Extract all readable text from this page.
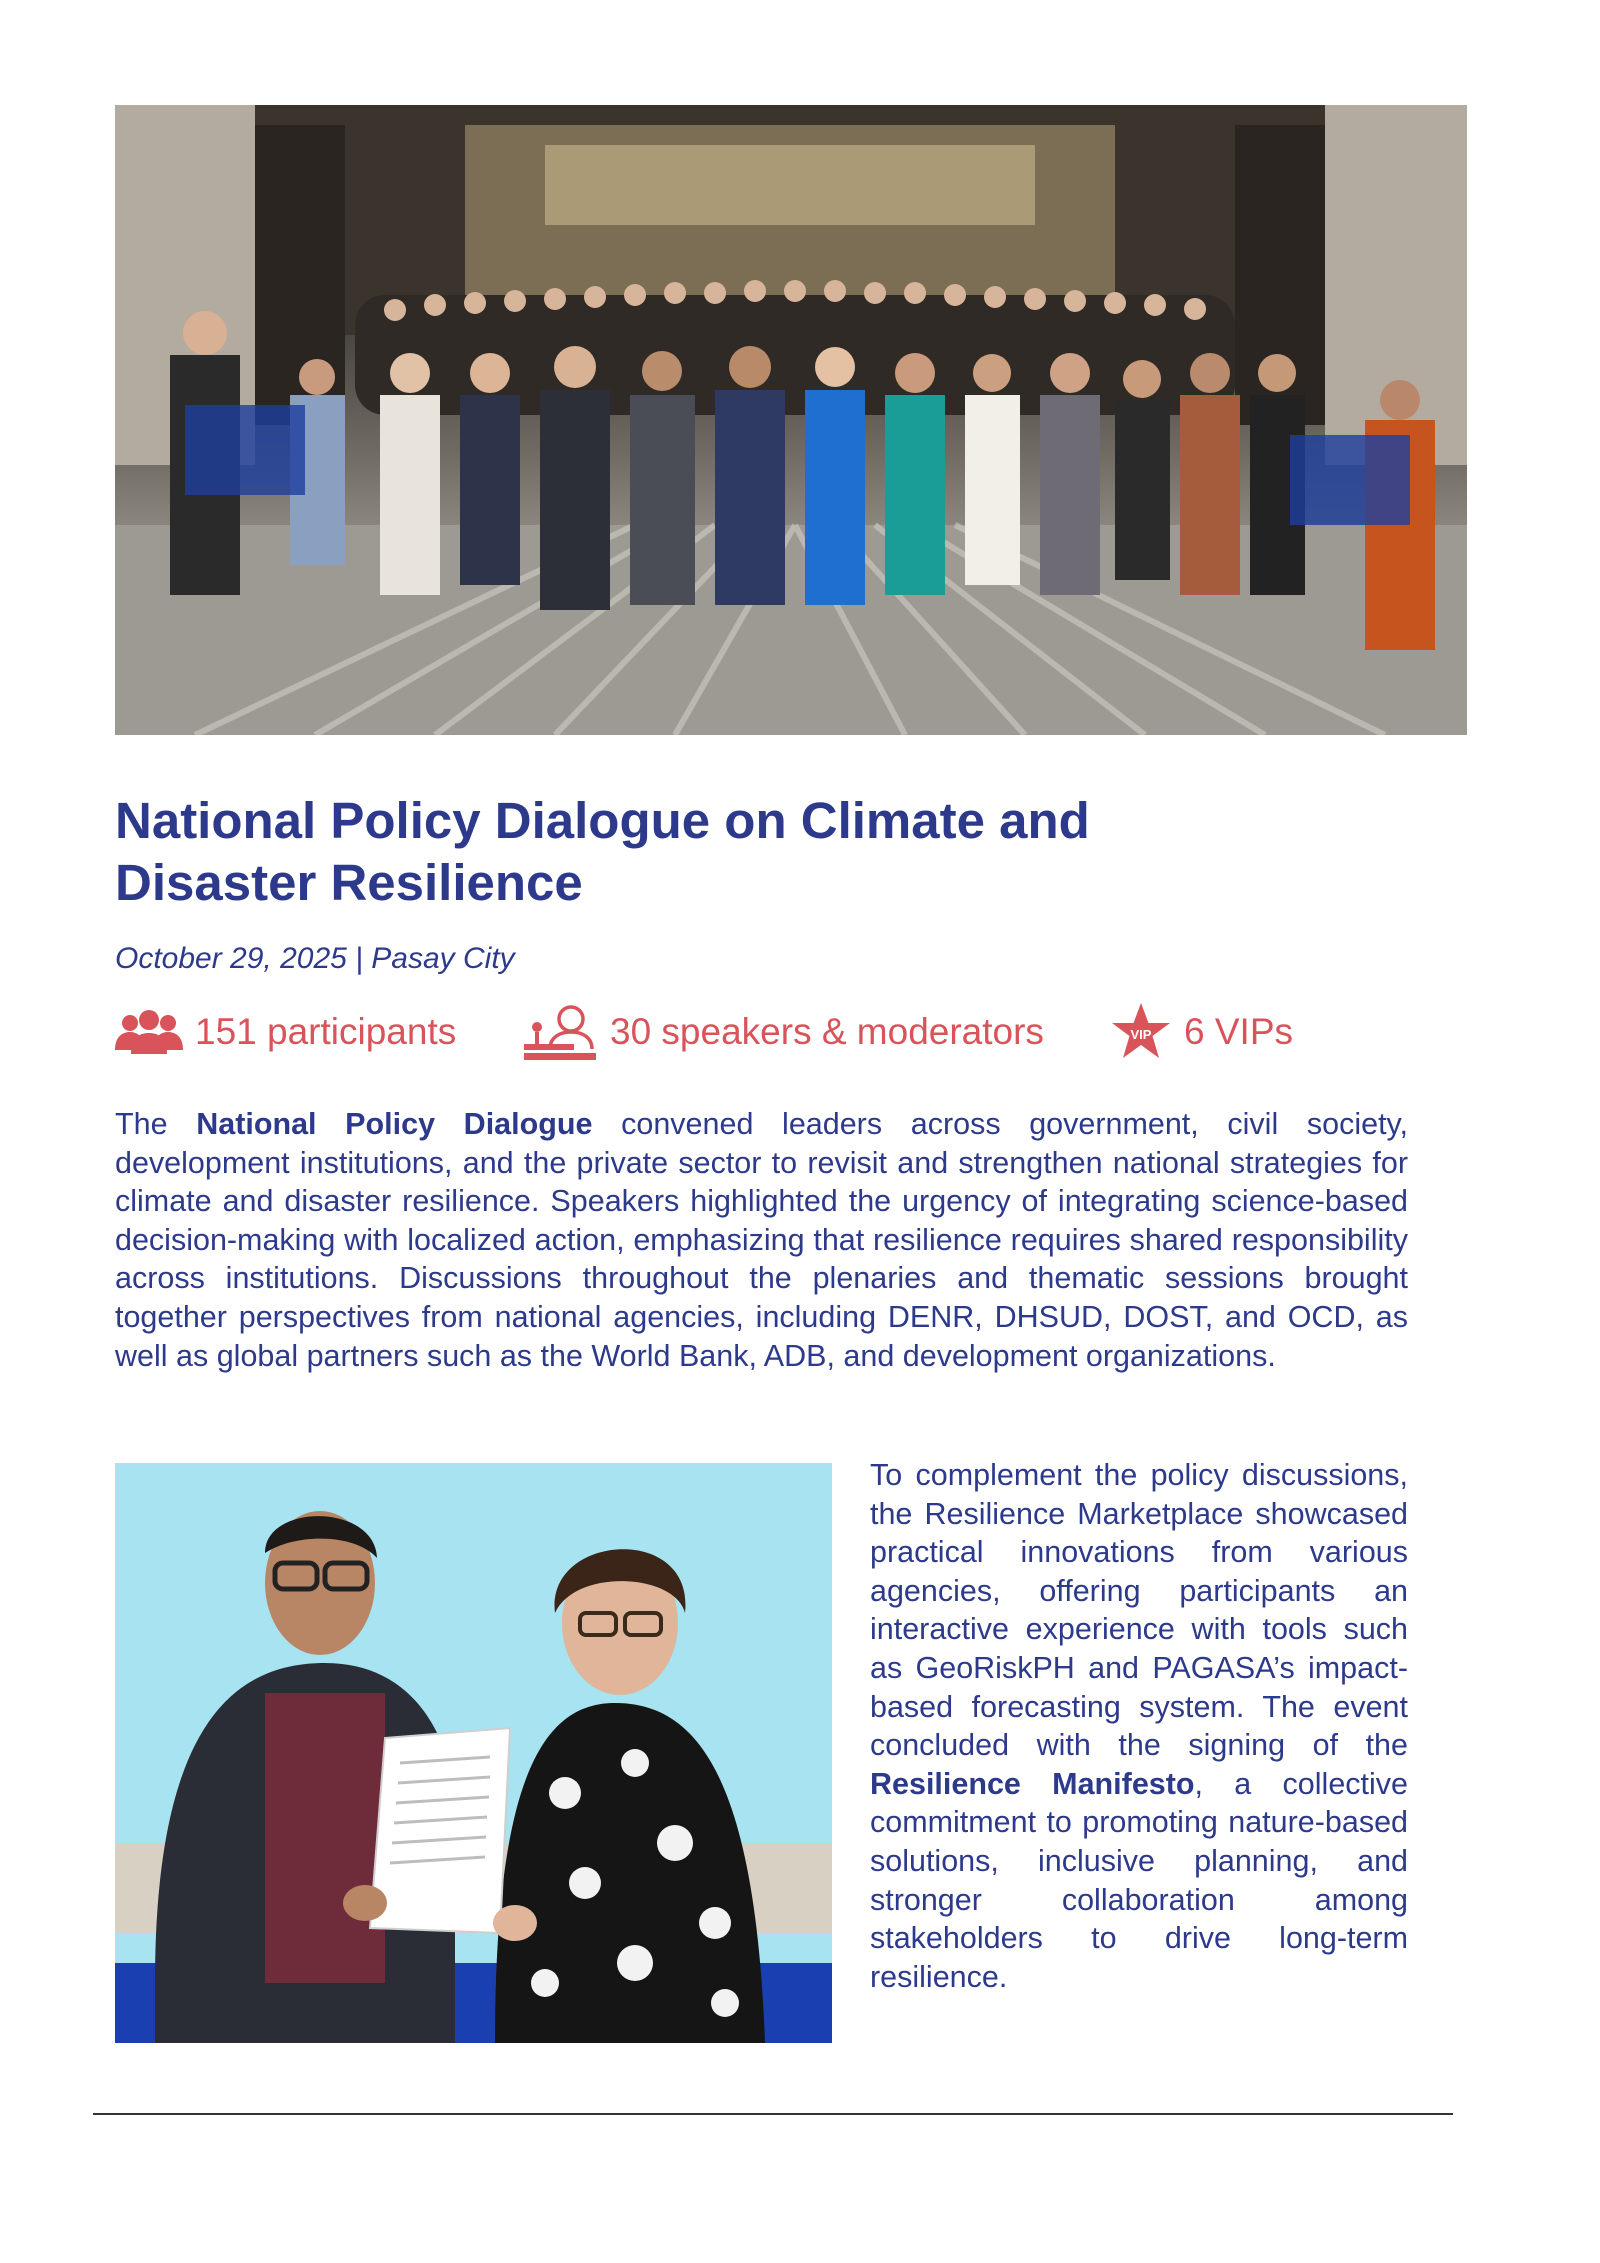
National Policy Dialogue on Climate and
Disaster Resilience

October 29, 2025 | Pasay City

151 participants	30 speakers & moderators	VIP 6 VIPs

The National Policy Dialogue convened leaders across government, civil society, development institutions, and the private sector to revisit and strengthen national strategies for climate and disaster resilience. Speakers highlighted the urgency of integrating science-based decision-making with localized action, emphasizing that resilience requires shared responsibility across institutions. Discussions throughout the plenaries and thematic sessions brought together perspectives from national agencies, including DENR, DHSUD, DOST, and OCD, as well as global partners such as the World Bank, ADB, and development organizations.

To complement the policy discussions, the Resilience Marketplace showcased practical innovations from various agencies, offering participants an interactive experience with tools such as GeoRiskPH and PAGASA’s impact-based forecasting system. The event concluded with the signing of the Resilience Manifesto, a collective commitment to promoting nature-based solutions, inclusive planning, and stronger collaboration among stakeholders to drive long-term resilience.
